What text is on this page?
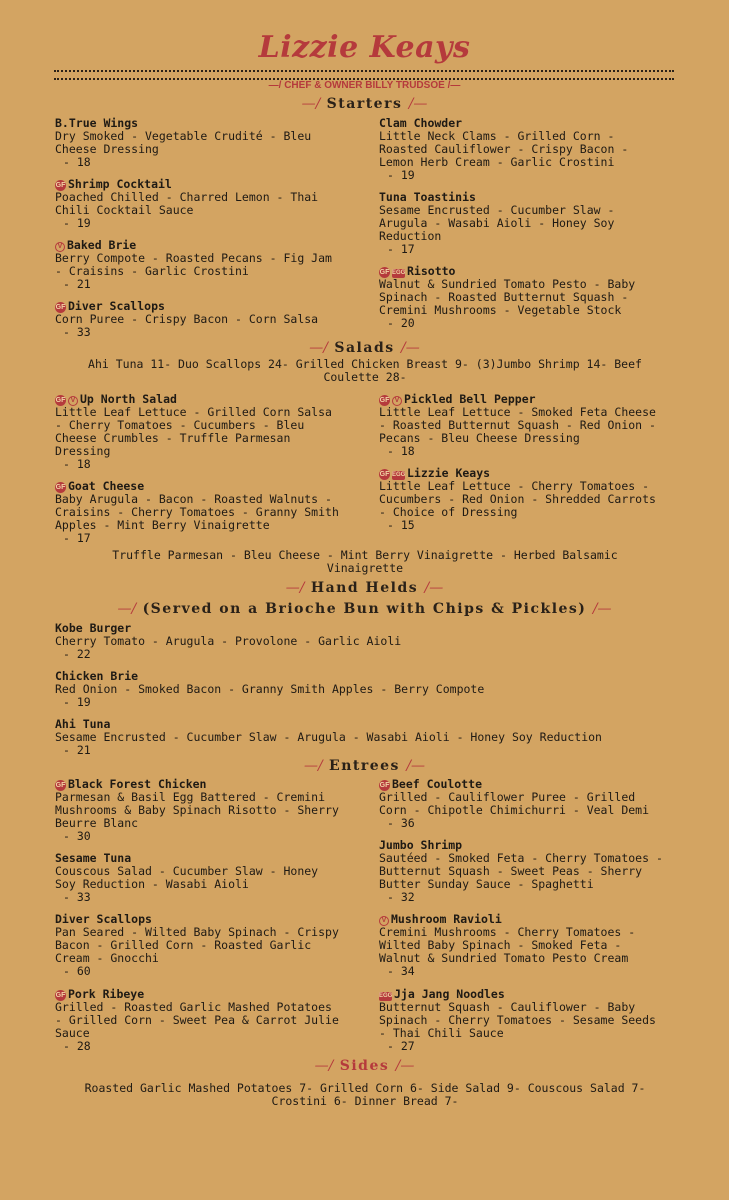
Lizzie Keays
—/ CHEF & OWNER BILLY TRUDSOE /—
—/ Starters /—
B.True Wings
Dry Smoked - Vegetable Crudité - Bleu Cheese Dressing
- 18
GF Shrimp Cocktail
Poached Chilled - Charred Lemon - Thai Chili Cocktail Sauce
- 19
V Baked Brie
Berry Compote - Roasted Pecans - Fig Jam - Craisins - Garlic Crostini
- 21
GF Diver Scallops
Corn Puree - Crispy Bacon - Corn Salsa
- 33
Clam Chowder
Little Neck Clams - Grilled Corn - Roasted Cauliflower - Crispy Bacon - Lemon Herb Cream - Garlic Crostini
- 19
Tuna Toastinis
Sesame Encrusted - Cucumber Slaw - Arugula - Wasabi Aioli - Honey Soy Reduction
- 17
GF EGG Risotto
Walnut & Sundried Tomato Pesto - Baby Spinach - Roasted Butternut Squash - Cremini Mushrooms - Vegetable Stock
- 20
—/ Salads /—
Ahi Tuna 11- Duo Scallops 24- Grilled Chicken Breast 9- (3)Jumbo Shrimp 14- Beef Coulette 28-
GF V Up North Salad
Little Leaf Lettuce - Grilled Corn Salsa - Cherry Tomatoes - Cucumbers - Bleu Cheese Crumbles - Truffle Parmesan Dressing
- 18
GF Goat Cheese
Baby Arugula - Bacon - Roasted Walnuts - Craisins - Cherry Tomatoes - Granny Smith Apples - Mint Berry Vinaigrette
- 17
GF V Pickled Bell Pepper
Little Leaf Lettuce - Smoked Feta Cheese - Roasted Butternut Squash - Red Onion - Pecans - Bleu Cheese Dressing
- 18
GF EGG Lizzie Keays
Little Leaf Lettuce - Cherry Tomatoes - Cucumbers - Red Onion - Shredded Carrots - Choice of Dressing
- 15
Truffle Parmesan - Bleu Cheese - Mint Berry Vinaigrette - Herbed Balsamic Vinaigrette
—/ Hand Helds /—
—/ (Served on a Brioche Bun with Chips & Pickles) /—
Kobe Burger
Cherry Tomato - Arugula - Provolone - Garlic Aioli
- 22
Chicken Brie
Red Onion - Smoked Bacon - Granny Smith Apples - Berry Compote
- 19
Ahi Tuna
Sesame Encrusted - Cucumber Slaw - Arugula - Wasabi Aioli - Honey Soy Reduction
- 21
—/ Entrees /—
GF Black Forest Chicken
Parmesan & Basil Egg Battered - Cremini Mushrooms & Baby Spinach Risotto - Sherry Beurre Blanc
- 30
Sesame Tuna
Couscous Salad - Cucumber Slaw - Honey Soy Reduction - Wasabi Aioli
- 33
Diver Scallops
Pan Seared - Wilted Baby Spinach - Crispy Bacon - Grilled Corn - Roasted Garlic Cream - Gnocchi
- 60
GF Pork Ribeye
Grilled - Roasted Garlic Mashed Potatoes - Grilled Corn - Sweet Pea & Carrot Julie Sauce
- 28
GF Beef Coulotte
Grilled - Cauliflower Puree - Grilled Corn - Chipotle Chimichurri - Veal Demi
- 36
Jumbo Shrimp
Sautéed - Smoked Feta - Cherry Tomatoes - Butternut Squash - Sweet Peas - Sherry Butter Sunday Sauce - Spaghetti
- 32
V Mushroom Ravioli
Cremini Mushrooms - Cherry Tomatoes - Wilted Baby Spinach - Smoked Feta - Walnut & Sundried Tomato Pesto Cream
- 34
EGG Jja Jang Noodles
Butternut Squash - Cauliflower - Baby Spinach - Cherry Tomatoes - Sesame Seeds - Thai Chili Sauce
- 27
—/ Sides /—
Roasted Garlic Mashed Potatoes 7- Grilled Corn 6- Side Salad 9- Couscous Salad 7- Crostini 6- Dinner Bread 7-
